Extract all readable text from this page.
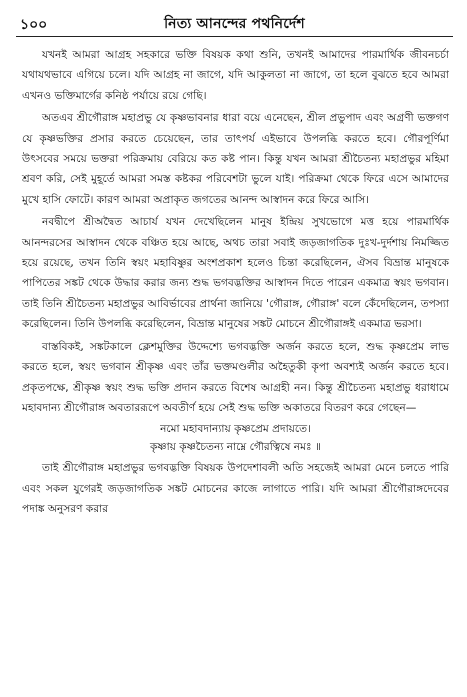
১০০	নিত্য আনন্দের পথনির্দেশ

যখনই আমরা আগ্রহ সহকারে ভক্তি বিষয়ক কথা শুনি, তখনই আমাদের পারমার্থিক জীবনচর্চা যথাযথভাবে এগিয়ে চলে। যদি আগ্রহ না জাগে, যদি আকুলতা না জাগে, তা হলে বুঝতে হবে আমরা এখনও ভক্তিমার্গের কনিষ্ঠ পর্যায়ে রয়ে গেছি।

অতএব শ্রীগৌরাঙ্গ মহাপ্রভু যে কৃষ্ণভাবনার ধারা বয়ে এনেছেন, শ্রীল প্রভুপাদ এবং অগ্রণী ভক্তগণ যে কৃষ্ণভক্তির প্রসার করতে চেয়েছেন, তার তাৎপর্য এইভাবে উপলব্ধি করতে হবে। গৌরপূর্ণিমা উৎসবের সময়ে ভক্তরা পরিক্রমায় বেরিয়ে কত কষ্ট পান। কিন্তু যখন আমরা শ্রীচৈতন্য মহাপ্রভুর মহিমা শ্রবণ করি, সেই মুহূর্তে আমরা সমস্ত কষ্টকর পরিবেশটা ভুলে যাই। পরিক্রমা থেকে ফিরে এসে আমাদের মুখে হাসি ফোটে। কারণ আমরা অপ্রাকৃত জগতের আনন্দ আস্বাদন করে ফিরে আসি।

নবদ্বীপে শ্রীঅদ্বৈত আচার্য যখন দেখেছিলেন মানুষ ইন্দ্রিয় সুখভোগে মত্ত হয়ে পারমার্থিক আনন্দরসের আস্বাদন থেকে বঞ্চিত হয়ে আছে, অথচ তারা সবাই জড়জাগতিক দুঃখ-দুর্দশায় নিমজ্জিত হয়ে রয়েছে, তখন তিনি স্বয়ং মহাবিষ্ণুর অংশপ্রকাশ হলেও চিন্তা করেছিলেন, ঐসব বিভ্রান্ত মানুষকে পাপিতের সঙ্কট থেকে উদ্ধার করার জন্য শুদ্ধ ভগবদ্ভক্তির আস্বাদন দিতে পারেন একমাত্র স্বয়ং ভগবান। তাই তিনি শ্রীচৈতন্য মহাপ্রভুর আবির্ভাবের প্রার্থনা জানিয়ে 'গৌরাঙ্গ, গৌরাঙ্গ' বলে কেঁদেছিলেন, তপস্যা করেছিলেন। তিনি উপলব্ধি করেছিলেন, বিভ্রান্ত মানুষের সঙ্কট মোচনে শ্রীগৌরাঙ্গই একমাত্র ভরসা।

বাস্তবিকই, সঙ্কটকালে ক্লেশমুক্তির উদ্দেশ্যে ভগবদ্ভক্তি অর্জন করতে হলে, শুদ্ধ কৃষ্ণপ্রেম লাভ করতে হলে, স্বয়ং ভগবান শ্রীকৃষ্ণ এবং তাঁর ভক্তমণ্ডলীর অহৈতুকী কৃপা অবশ্যই অর্জন করতে হবে। প্রকৃতপক্ষে, শ্রীকৃষ্ণ স্বয়ং শুদ্ধ ভক্তি প্রদান করতে বিশেষ আগ্রহী নন। কিন্তু শ্রীচৈতন্য মহাপ্রভু ধরাধামে মহাবদান্য শ্রীগৌরাঙ্গ অবতাররূপে অবতীর্ণ হয়ে সেই শুদ্ধ ভক্তি অকাতরে বিতরণ করে গেছেন—

নমো মহাবদান্যায় কৃষ্ণপ্রেম প্রদায়তে।
কৃষ্ণায় কৃষ্ণচৈতন্য নাম্নে গৌরত্বিষে নমঃ ॥

তাই শ্রীগৌরাঙ্গ মহাপ্রভুর ভগবদ্ভক্তি বিষয়ক উপদেশাবলী অতি সহজেই আমরা মেনে চলতে পারি এবং সকল যুগেরই জড়জাগতিক সঙ্কট মোচনের কাজে লাগাতে পারি। যদি আমরা শ্রীগৌরাঙ্গদেবের পদাঙ্ক অনুসরণ করার
